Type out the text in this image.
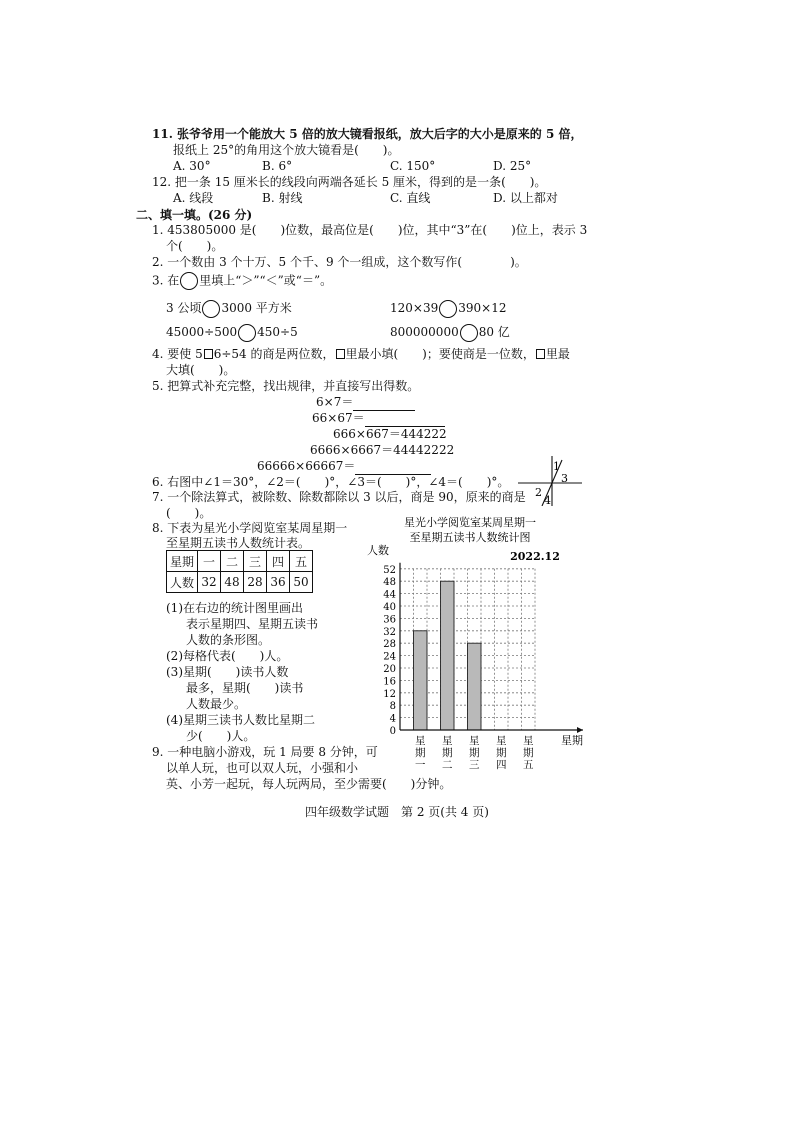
11. 张爷爷用一个能放大 5 倍的放大镜看报纸，放大后字的大小是原来的 5 倍，
报纸上 25°的角用这个放大镜看是(　　)。
A. 30°	B. 6°	C. 150°	D. 25°
12. 把一条 15 厘米长的线段向两端各延长 5 厘米，得到的是一条(　　)。
A. 线段	B. 射线	C. 直线	D. 以上都对
二、填一填。(26 分)
1. 453805000 是(　　)位数，最高位是(　　)位，其中“3”在(　　)位上，表示 3
个(　　)。
2. 一个数由 3 个十万、5 个千、9 个一组成，这个数写作(　　　　)。
3. 在 里填上“＞”“＜”或“＝”。
3 公顷 3000 平方米	120×39 390×12
45000÷500 450÷5	800000000 80 亿
4. 要使 5 6÷54 的商是两位数， 里最小填(　　)；要使商是一位数， 里最
大填(　　)。
5. 把算式补充完整，找出规律，并直接写出得数。
6×7＝
66×67＝
666×667＝444222
6666×6667＝44442222
66666×66667＝
6. 右图中∠1＝30°，∠2＝(　　)°，∠3＝(　　)°，∠4＝(　　)°。
1
3
2
4
7. 一个除法算式，被除数、除数都除以 3 以后，商是 90，原来的商是
(　　)。
8. 下表为星光小学阅览室某周星期一
至星期五读书人数统计表。
星期	一	二	三	四	五
人数	32	48	28	36	50
(1)在右边的统计图里画出
表示星期四、星期五读书
人数的条形图。
(2)每格代表(　　)人。
(3)星期(　　)读书人数
最多，星期(　　)读书
人数最少。
(4)星期三读书人数比星期二
少(　　)人。
9. 一种电脑小游戏，玩 1 局要 8 分钟，可
以单人玩，也可以双人玩，小强和小
英、小芳一起玩，每人玩两局，至少需要(　　)分钟。
星光小学阅览室某周星期一
至星期五读书人数统计图
人数	2022.12
星期
0
4
8
12
16
20
24
28
32
36
40
44
48
52
星
期
一
星
期
二
星
期
三
星
期
四
星
期
五
四年级数学试题　第 2 页(共 4 页)
